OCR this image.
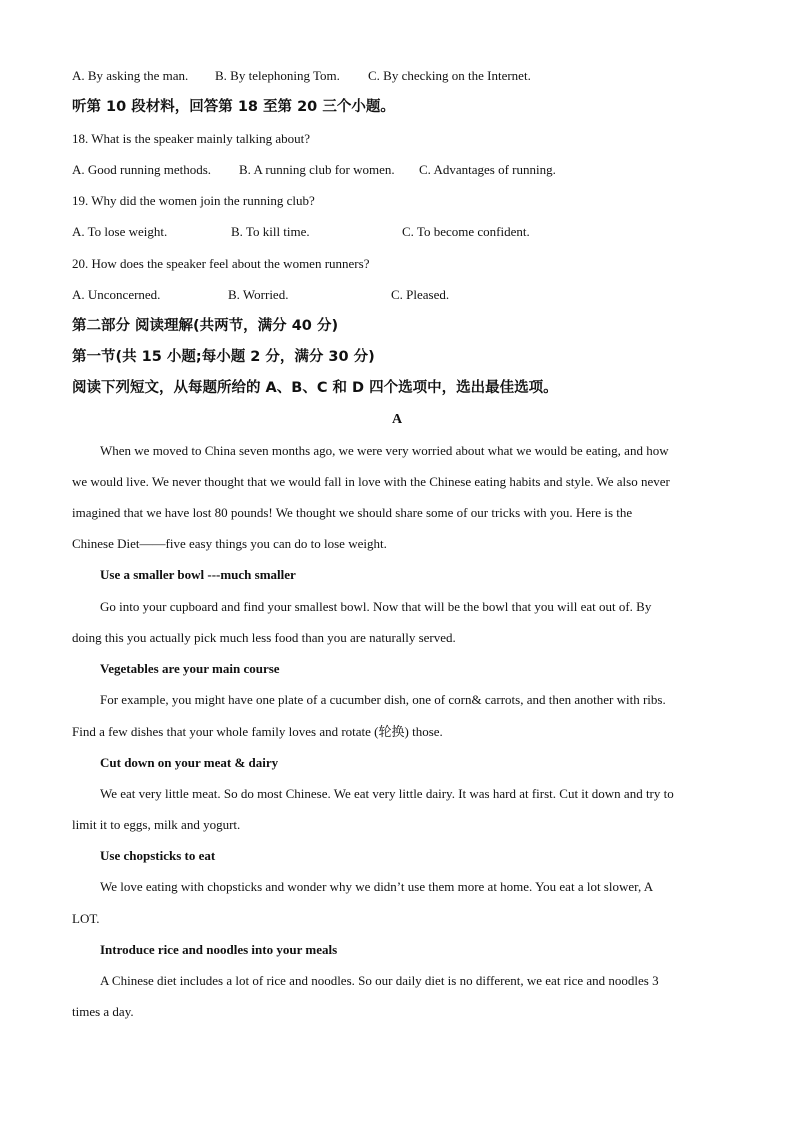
A. By asking the man. B. By telephoning Tom. C. By checking on the Internet.
听第 10 段材料，回答第 18 至第 20 三个小题。
18. What is the speaker mainly talking about?
A. Good running methods. B. A running club for women. C. Advantages of running.
19. Why did the women join the running club?
A. To lose weight.	B. To kill time.	C. To become confident.
20. How does the speaker feel about the women runners?
A. Unconcerned.	B. Worried.	C. Pleased.
第二部分 阅读理解(共两节，满分 40 分)
第一节(共 15 小题;每小题 2 分，满分 30 分)
阅读下列短文，从每题所给的 A、B、C 和 D 四个选项中，选出最佳选项。
A
When we moved to China seven months ago, we were very worried about what we would be eating, and how
we would live. We never thought that we would fall in love with the Chinese eating habits and style. We also never
imagined that we have lost 80 pounds! We thought we should share some of our tricks with you. Here is the
Chinese Diet——five easy things you can do to lose weight.
Use a smaller bowl ---much smaller
Go into your cupboard and find your smallest bowl. Now that will be the bowl that you will eat out of. By
doing this you actually pick much less food than you are naturally served.
Vegetables are your main course
For example, you might have one plate of a cucumber dish, one of corn& carrots, and then another with ribs.
Find a few dishes that your whole family loves and rotate (轮换) those.
Cut down on your meat & dairy
We eat very little meat. So do most Chinese. We eat very little dairy. It was hard at first. Cut it down and try to
limit it to eggs, milk and yogurt.
Use chopsticks to eat
We love eating with chopsticks and wonder why we didn’t use them more at home. You eat a lot slower, A
LOT.
Introduce rice and noodles into your meals
A Chinese diet includes a lot of rice and noodles. So our daily diet is no different, we eat rice and noodles 3
times a day.
